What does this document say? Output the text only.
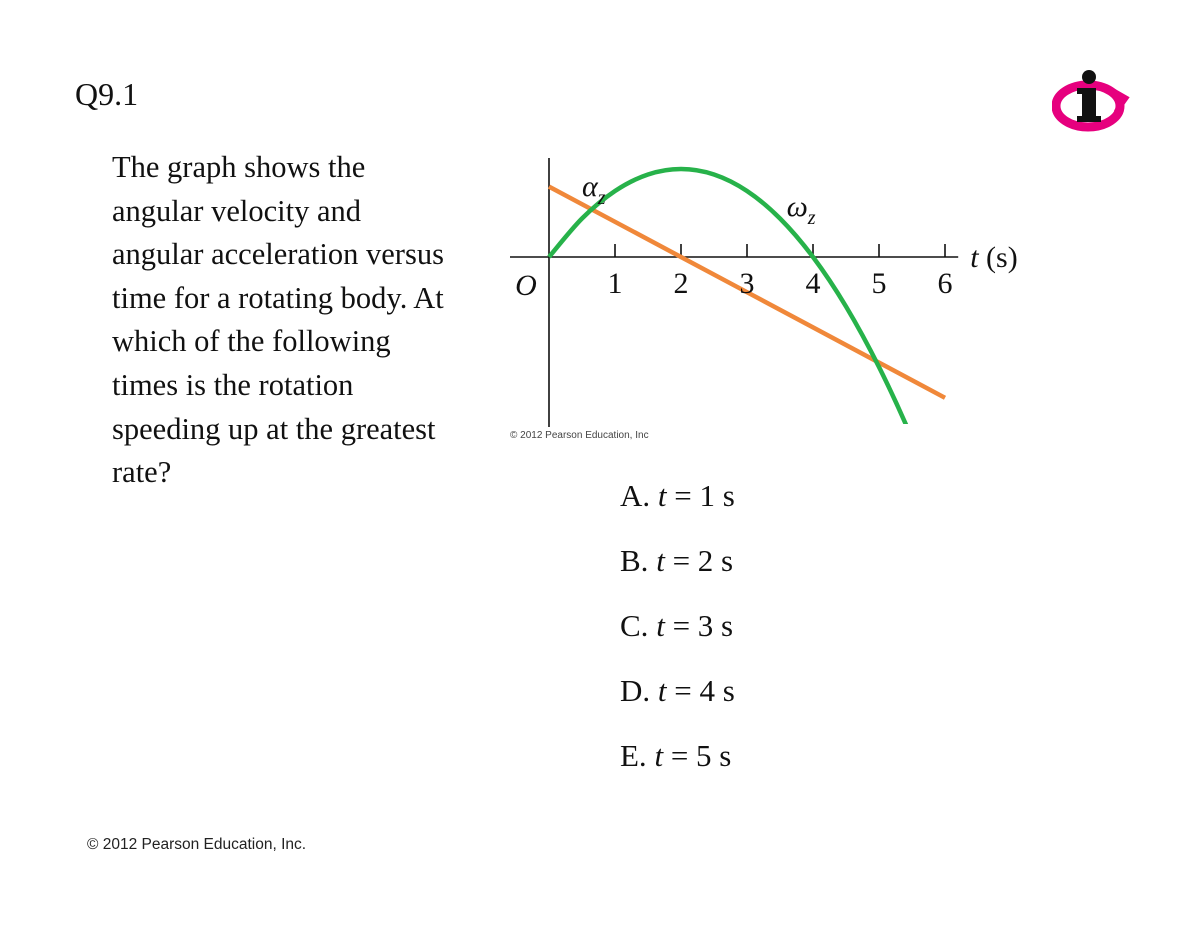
Q9.1
The graph shows the angular velocity and angular acceleration versus time for a rotating body. At which of the following times is the rotation speeding up at the greatest rate?
1 2 3 4 5 6
O
t (s)
$\alpha_z$	$\omega_z$
© 2012 Pearson Education, Inc
A. t = 1 s
B. t = 2 s
C. t = 3 s
D. t = 4 s
E. t = 5 s
© 2012 Pearson Education, Inc.
